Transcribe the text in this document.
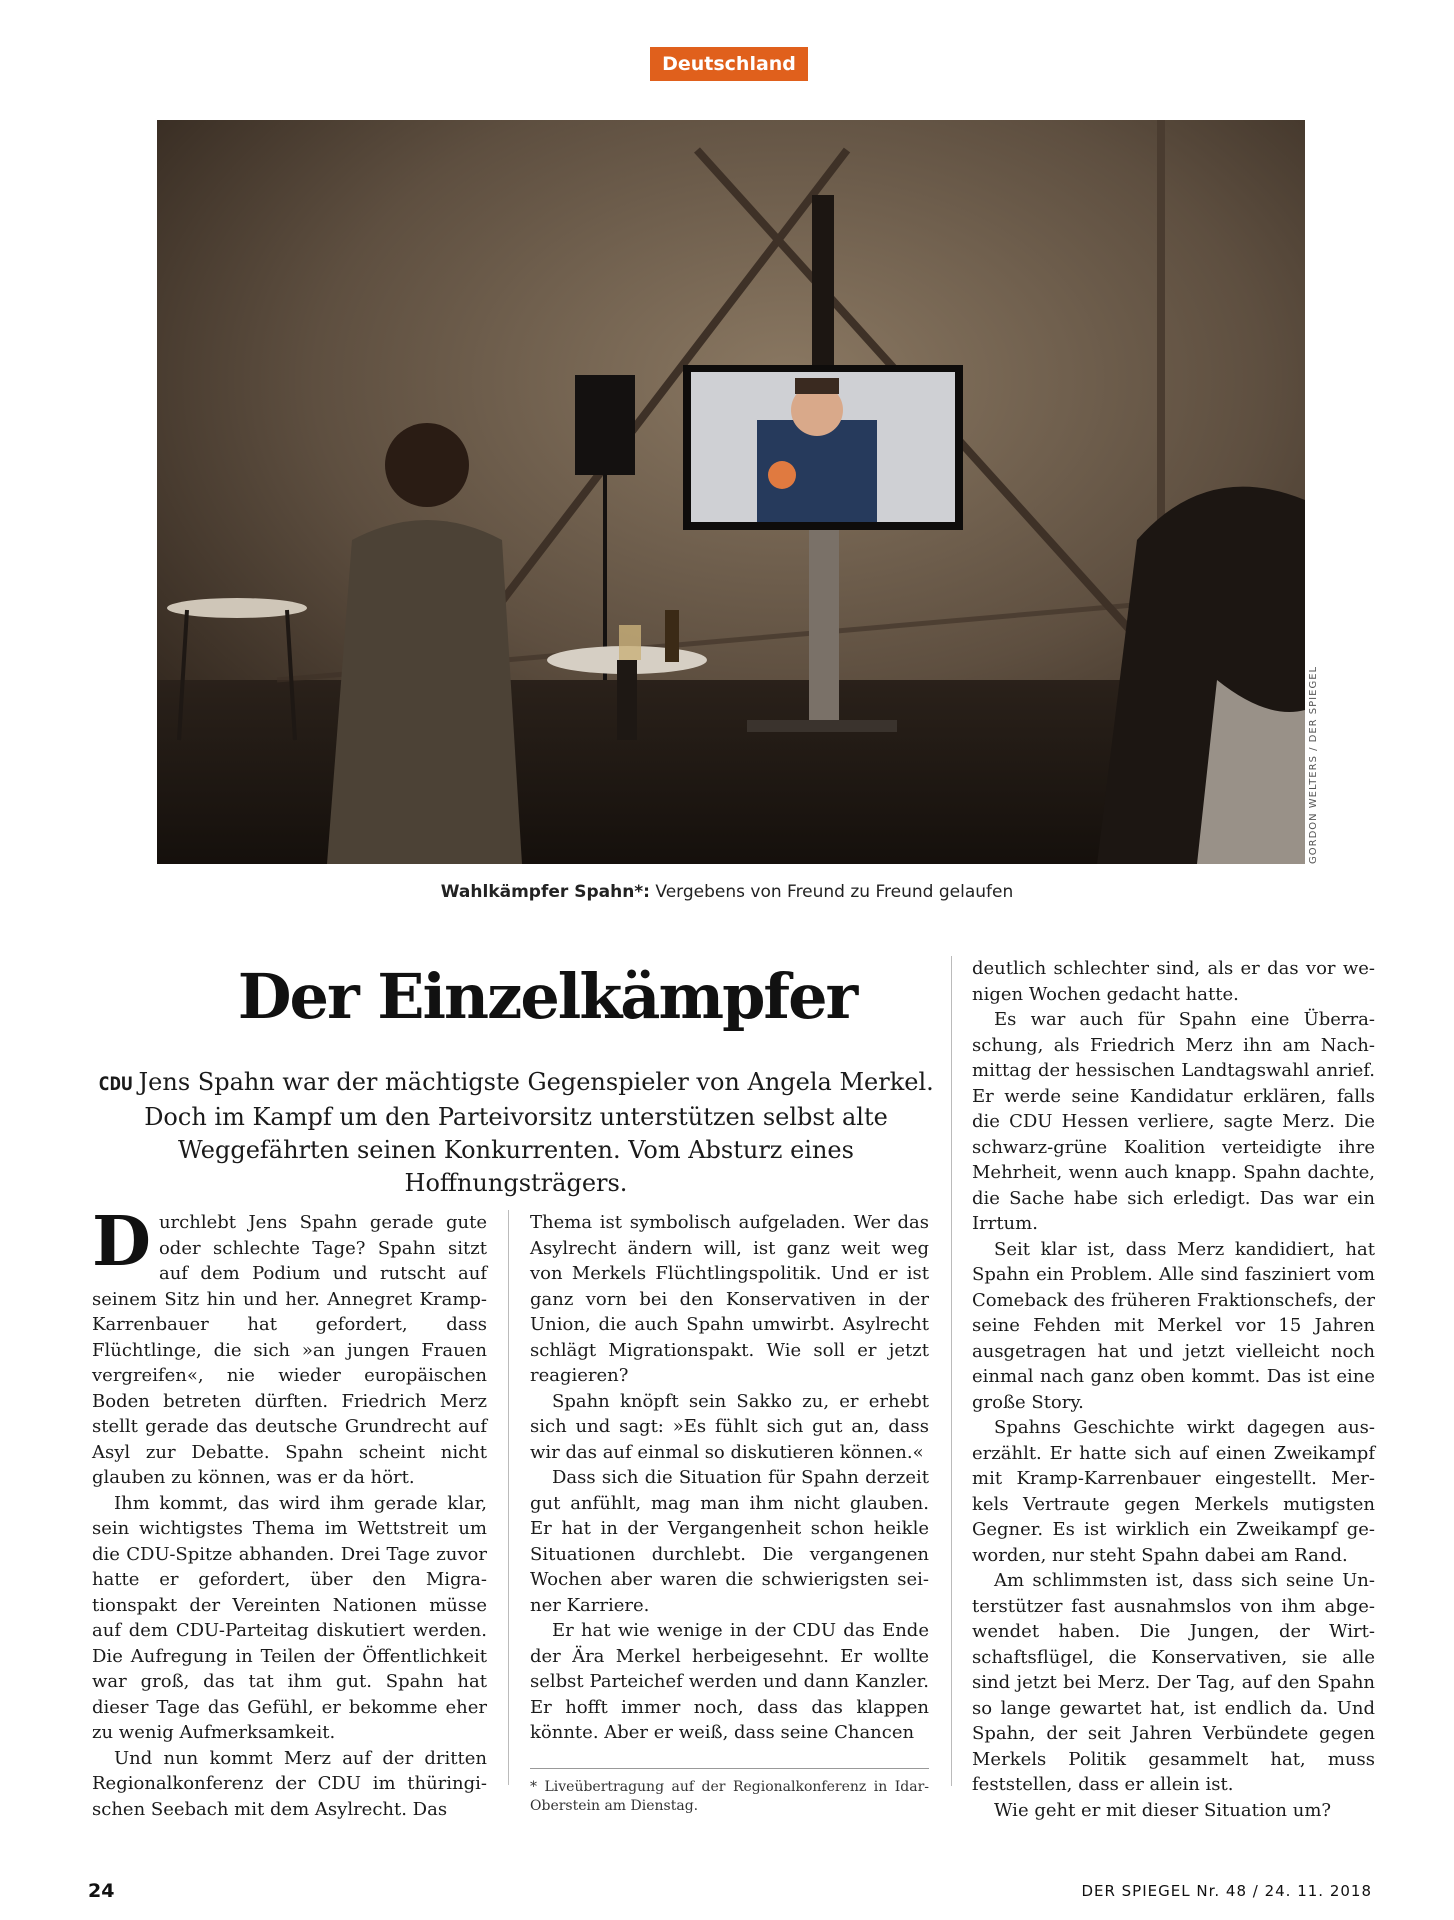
Deutschland
GORDON WELTERS / DER SPIEGEL
Wahlkämpfer Spahn*: Vergebens von Freund zu Freund gelaufen
Der Einzelkämpfer
CDU Jens Spahn war der mächtigste Gegenspieler von Angela Merkel. Doch im Kampf um den Parteivorsitz unterstützen selbst alte Weggefährten seinen Konkurrenten. Vom Absturz eines Hoffnungsträgers.

Durchlebt Jens Spahn gerade gute oder schlechte Tage? Spahn sitzt auf dem Podium und rutscht auf seinem Sitz hin und her. Annegret Kramp-Karrenbauer hat gefordert, dass Flüchtlinge, die sich »an jungen Frauen vergreifen«, nie wieder europäischen Boden betreten dürften. Friedrich Merz stellt gerade das deutsche Grundrecht auf Asyl zur Debatte. Spahn scheint nicht glauben zu können, was er da hört.

Ihm kommt, das wird ihm gerade klar, sein wichtigstes Thema im Wettstreit um die CDU-Spitze abhanden. Drei Tage zuvor hatte er gefordert, über den Migrationspakt der Vereinten Nationen müsse auf dem CDU-Parteitag diskutiert werden. Die Aufregung in Teilen der Öffentlichkeit war groß, das tat ihm gut. Spahn hat dieser Tage das Gefühl, er bekomme eher zu wenig Aufmerksamkeit.

Und nun kommt Merz auf der dritten Regionalkonferenz der CDU im thüringischen Seebach mit dem Asylrecht. Das

Thema ist symbolisch aufgeladen. Wer das Asylrecht ändern will, ist ganz weit weg von Merkels Flüchtlingspolitik. Und er ist ganz vorn bei den Konservativen in der Union, die auch Spahn umwirbt. Asylrecht schlägt Migrationspakt. Wie soll er jetzt reagieren?

Spahn knöpft sein Sakko zu, er erhebt sich und sagt: »Es fühlt sich gut an, dass wir das auf einmal so diskutieren können.«

Dass sich die Situation für Spahn derzeit gut anfühlt, mag man ihm nicht glauben. Er hat in der Vergangenheit schon heikle Situationen durchlebt. Die vergangenen Wochen aber waren die schwierigsten seiner Karriere.

Er hat wie wenige in der CDU das Ende der Ära Merkel herbeigesehnt. Er wollte selbst Parteichef werden und dann Kanzler. Er hofft immer noch, dass das klappen könnte. Aber er weiß, dass seine Chancen

* Liveübertragung auf der Regionalkonferenz in Idar-Oberstein am Dienstag.

deutlich schlechter sind, als er das vor wenigen Wochen gedacht hatte.

Es war auch für Spahn eine Überraschung, als Friedrich Merz ihn am Nachmittag der hessischen Landtagswahl anrief. Er werde seine Kandidatur erklären, falls die CDU Hessen verliere, sagte Merz. Die schwarz-grüne Koalition verteidigte ihre Mehrheit, wenn auch knapp. Spahn dachte, die Sache habe sich erledigt. Das war ein Irrtum.

Seit klar ist, dass Merz kandidiert, hat Spahn ein Problem. Alle sind fasziniert vom Comeback des früheren Fraktionschefs, der seine Fehden mit Merkel vor 15 Jahren ausgetragen hat und jetzt vielleicht noch einmal nach ganz oben kommt. Das ist eine große Story.

Spahns Geschichte wirkt dagegen auserzählt. Er hatte sich auf einen Zweikampf mit Kramp-Karrenbauer eingestellt. Merkels Vertraute gegen Merkels mutigsten Gegner. Es ist wirklich ein Zweikampf geworden, nur steht Spahn dabei am Rand.

Am schlimmsten ist, dass sich seine Unterstützer fast ausnahmslos von ihm abgewendet haben. Die Jungen, der Wirtschaftsflügel, die Konservativen, sie alle sind jetzt bei Merz. Der Tag, auf den Spahn so lange gewartet hat, ist endlich da. Und Spahn, der seit Jahren Verbündete gegen Merkels Politik gesammelt hat, muss feststellen, dass er allein ist.

Wie geht er mit dieser Situation um?

24	DER SPIEGEL Nr. 48 / 24. 11. 2018
